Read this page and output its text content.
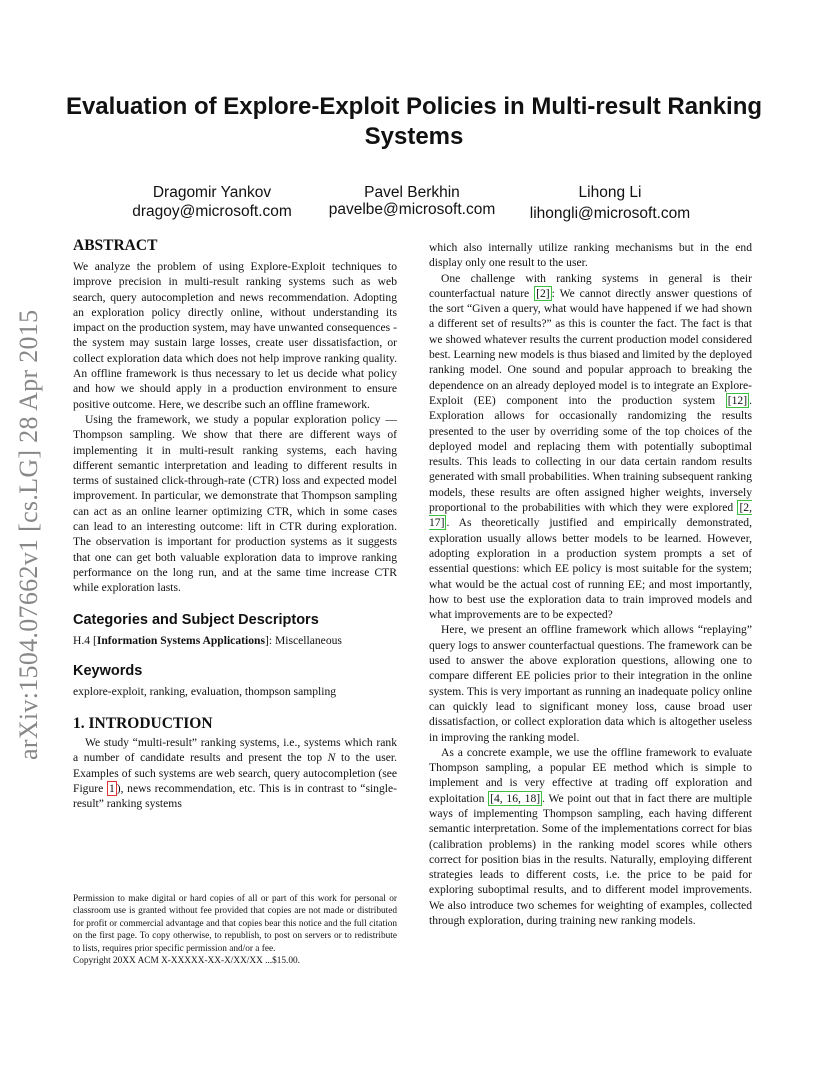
Evaluation of Explore-Exploit Policies in Multi-result Ranking Systems
Dragomir Yankov
dragoy@microsoft.com
Pavel Berkhin
pavelbe@microsoft.com
Lihong Li
lihongli@microsoft.com
arXiv:1504.07662v1 [cs.LG] 28 Apr 2015
ABSTRACT

We analyze the problem of using Explore-Exploit techniques to improve precision in multi-result ranking systems such as web search, query autocompletion and news recommendation. Adopting an exploration policy directly online, without understanding its impact on the production system, may have unwanted consequences - the system may sustain large losses, create user dissatisfaction, or collect exploration data which does not help improve ranking quality. An offline framework is thus necessary to let us decide what policy and how we should apply in a production environment to ensure positive outcome. Here, we describe such an offline framework.

Using the framework, we study a popular exploration policy — Thompson sampling. We show that there are different ways of implementing it in multi-result ranking systems, each having different semantic interpretation and leading to different results in terms of sustained click-through-rate (CTR) loss and expected model improvement. In particular, we demonstrate that Thompson sampling can act as an online learner optimizing CTR, which in some cases can lead to an interesting outcome: lift in CTR during exploration. The observation is important for production systems as it suggests that one can get both valuable exploration data to improve ranking performance on the long run, and at the same time increase CTR while exploration lasts.

Categories and Subject Descriptors

H.4 [Information Systems Applications]: Miscellaneous

Keywords

explore-exploit, ranking, evaluation, thompson sampling

1. INTRODUCTION

We study “multi-result” ranking systems, i.e., systems which rank a number of candidate results and present the top N to the user. Examples of such systems are web search, query autocompletion (see Figure 1 ), news recommendation, etc. This is in contrast to “single-result” ranking systems

which also internally utilize ranking mechanisms but in the end display only one result to the user.

One challenge with ranking systems in general is their counterfactual nature [2] : We cannot directly answer questions of the sort “Given a query, what would have happened if we had shown a different set of results?” as this is counter the fact. The fact is that we showed whatever results the current production model considered best. Learning new models is thus biased and limited by the deployed ranking model. One sound and popular approach to breaking the dependence on an already deployed model is to integrate an Explore-Exploit (EE) component into the production system [12] . Exploration allows for occasionally randomizing the results presented to the user by overriding some of the top choices of the deployed model and replacing them with potentially suboptimal results. This leads to collecting in our data certain random results generated with small probabilities. When training subsequent ranking models, these results are often assigned higher weights, inversely proportional to the probabilities with which they were explored [2, 17] . As theoretically justified and empirically demonstrated, exploration usually allows better models to be learned. However, adopting exploration in a production system prompts a set of essential questions: which EE policy is most suitable for the system; what would be the actual cost of running EE; and most importantly, how to best use the exploration data to train improved models and what improvements are to be expected?

Here, we present an offline framework which allows “replaying” query logs to answer counterfactual questions. The framework can be used to answer the above exploration questions, allowing one to compare different EE policies prior to their integration in the online system. This is very important as running an inadequate policy online can quickly lead to significant money loss, cause broad user dissatisfaction, or collect exploration data which is altogether useless in improving the ranking model.

As a concrete example, we use the offline framework to evaluate Thompson sampling, a popular EE method which is simple to implement and is very effective at trading off exploration and exploitation [4, 16, 18] . We point out that in fact there are multiple ways of implementing Thompson sampling, each having different semantic interpretation. Some of the implementations correct for bias (calibration problems) in the ranking model scores while others correct for position bias in the results. Naturally, employing different strategies leads to different costs, i.e. the price to be paid for exploring suboptimal results, and to different model improvements. We also introduce two schemes for weighting of examples, collected through exploration, during training new ranking models.

Permission to make digital or hard copies of all or part of this work for personal or classroom use is granted without fee provided that copies are not made or distributed for profit or commercial advantage and that copies bear this notice and the full citation on the first page. To copy otherwise, to republish, to post on servers or to redistribute to lists, requires prior specific permission and/or a fee.

Copyright 20XX ACM X-XXXXX-XX-X/XX/XX ...$15.00.
